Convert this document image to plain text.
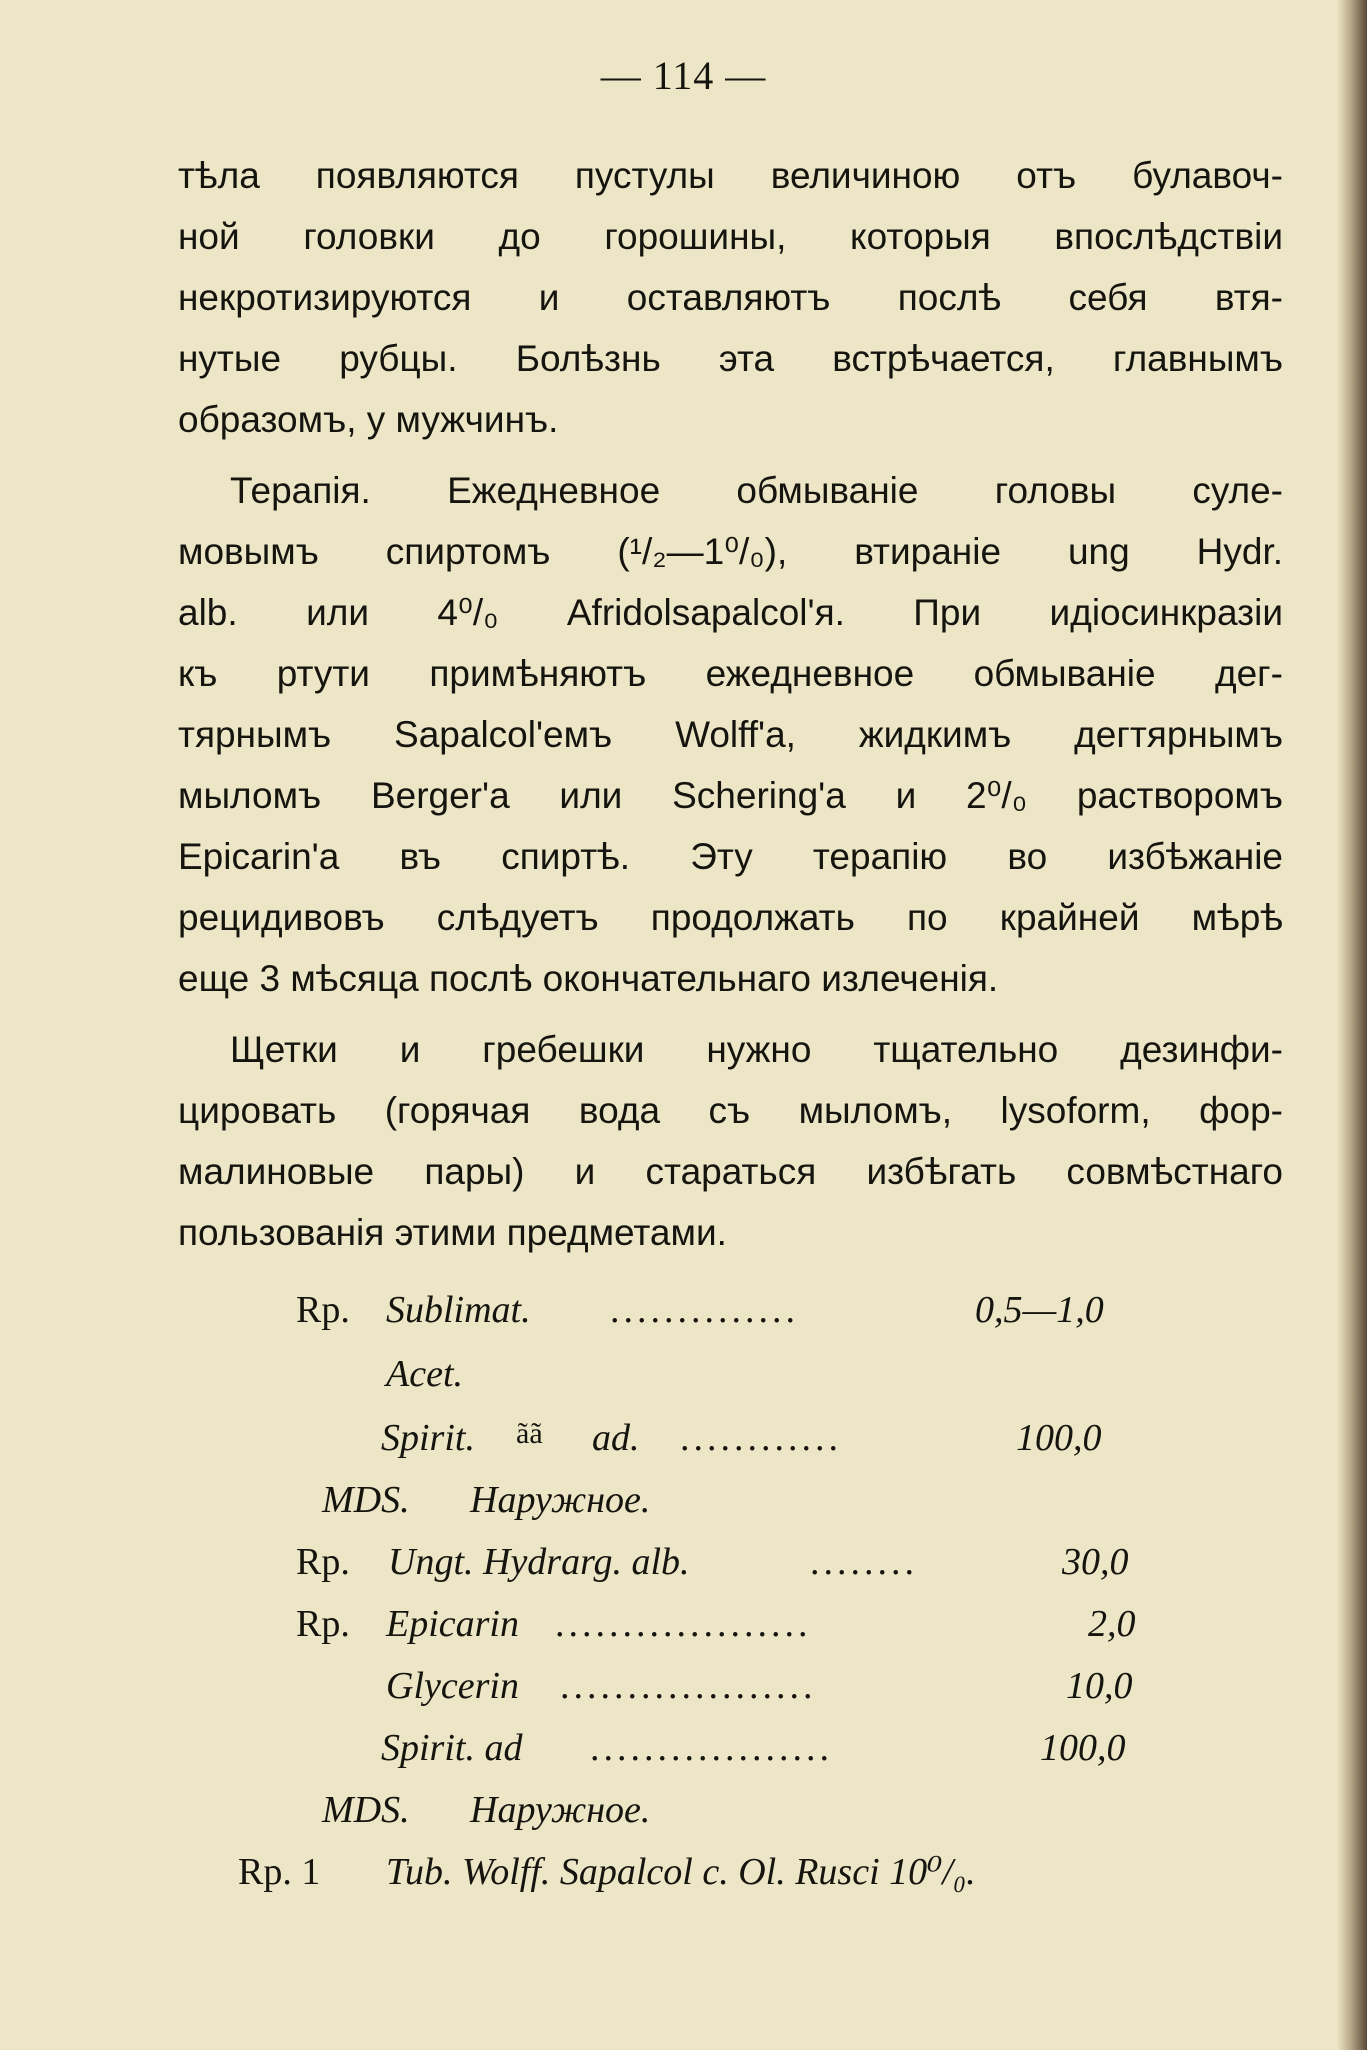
— 114 —
тѣла появляются пустулы величиною отъ булавоч-
ной головки до горошины, которыя впослѣдствіи
некротизируются и оставляютъ послѣ себя втя-
нутые рубцы. Болѣзнь эта встрѣчается, главнымъ
образомъ, у мужчинъ.
Терапія. Ежедневное обмываніе головы суле-
мовымъ спиртомъ (¹/₂—1⁰/₀), втираніе ung Hydr.
alb. или 4⁰/₀ Afridolsapalcol'я. При идіосинкразіи
къ ртути примѣняютъ ежедневное обмываніе дег-
тярнымъ Sapalcol'емъ Wolff'а, жидкимъ дегтярнымъ
мыломъ Berger'а или Schering'а и 2⁰/₀ растворомъ
Epicarin'а въ спиртѣ. Эту терапію во избѣжаніе
рецидивовъ слѣдуетъ продолжать по крайней мѣрѣ
еще 3 мѣсяца послѣ окончательнаго излеченія.
Щетки и гребешки нужно тщательно дезинфи-
цировать (горячая вода съ мыломъ, lysoform, фор-
малиновые пары) и стараться избѣгать совмѣстнаго
пользованія этими предметами.
Rp. Sublimat. ..............	0,5—1,0
Acet.
Spirit. ãã ad. ............	100,0
MDS. Наружное.
Rp. Ungt. Hydrarg. alb.	........	30,0
Rp. Epicarin ...................	2,0
Glycerin ...................	10,0
Spirit. ad ..................	100,0
MDS. Наружное.
Rp. 1 Tub. Wolff. Sapalcol c. Ol. Rusci 10⁰/₀.
